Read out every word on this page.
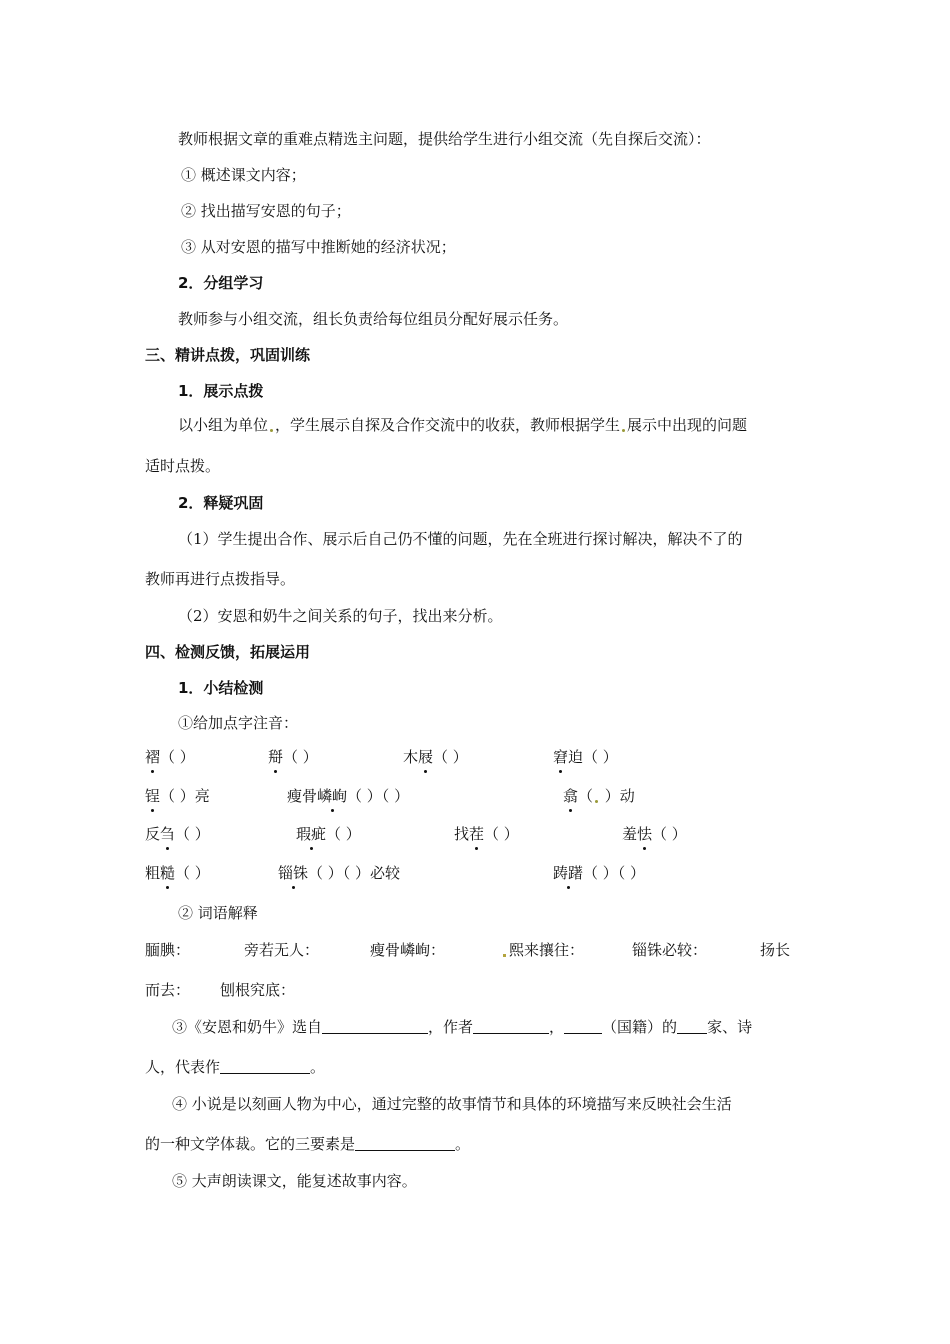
教师根据文章的重难点精选主问题，提供给学生进行小组交流（先自探后交流）：
① 概述课文内容；
② 找出描写安恩的句子；
③ 从对安恩的描写中推断她的经济状况；
2．分组学习
教师参与小组交流，组长负责给每位组员分配好展示任务。
三、精讲点拨，巩固训练
1．展示点拨
以小组为单位 ，学生展示自探及合作交流中的收获，教师根据学生 展示中出现的问题
适时点拨。
2．释疑巩固
（1）学生提出合作、展示后自己仍不懂的问题，先在全班进行探讨解决，解决不了的
教师再进行点拨指导。
（2）安恩和奶牛之间关系的句子，找出来分析。
四、检测反馈，拓展运用
1．小结检测
①给加点字注音：
褶（ ）	搿（ ）	木屐（ ）	窘迫（ ）
锃（ ）亮	瘦骨嶙峋（ ）（ ）	翕（ ）动
反刍（ ）	瑕疵（ ）	找茬（ ）	羞怯（ ）
粗糙（ ）	锱铢（ ）（ ）必较	踌躇（ ）（ ）
② 词语解释
腼腆：	旁若无人：	瘦骨嶙峋：	熙来攘往：	锱铢必较：	扬长
而去： 刨根究底：
③《安恩和奶牛》选自	，作者	，	（国籍）的 家、诗
人，代表作	。
④ 小说是以刻画人物为中心，通过完整的故事情节和具体的环境描写来反映社会生活
的一种文学体裁。它的三要素是	。
⑤ 大声朗读课文，能复述故事内容。
